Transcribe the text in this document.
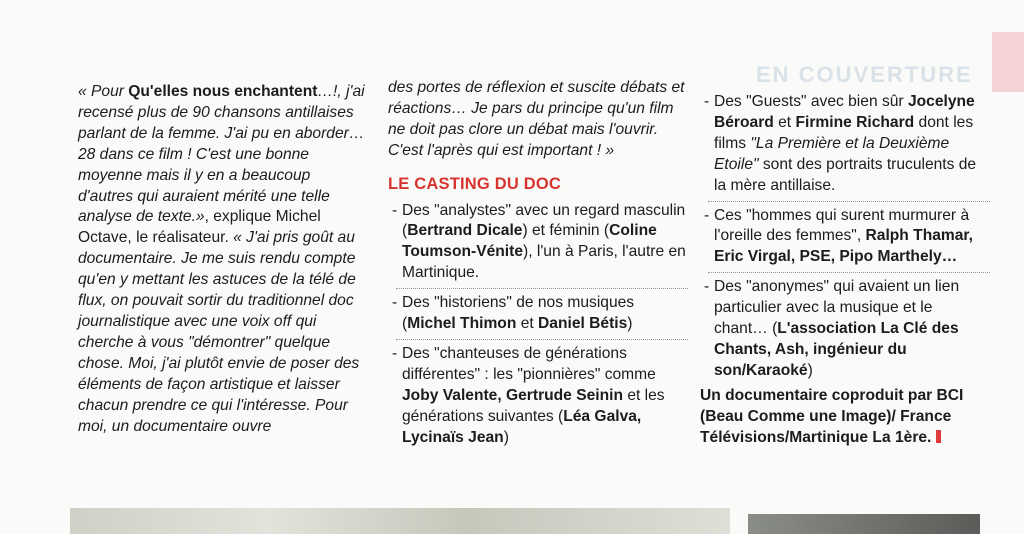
EN COUVERTURE

« Pour Qu'elles nous enchantent…!, j'ai recensé plus de 90 chansons antillaises parlant de la femme. J'ai pu en aborder… 28 dans ce film ! C'est une bonne moyenne mais il y en a beaucoup d'autres qui auraient mérité une telle analyse de texte.», explique Michel Octave, le réalisateur. « J'ai pris goût au documentaire. Je me suis rendu compte qu'en y mettant les astuces de la télé de flux, on pouvait sortir du traditionnel doc journalistique avec une voix off qui cherche à vous "démontrer" quelque chose. Moi, j'ai plutôt envie de poser des éléments de façon artistique et laisser chacun prendre ce qui l'intéresse. Pour moi, un documentaire ouvre

des portes de réflexion et suscite débats et réactions… Je pars du principe qu'un film ne doit pas clore un débat mais l'ouvrir. C'est l'après qui est important ! »

LE CASTING DU DOC

- Des "analystes" avec un regard masculin (Bertrand Dicale) et féminin (Coline Toumson-Vénite), l'un à Paris, l'autre en Martinique.

- Des "historiens" de nos musiques (Michel Thimon et Daniel Bétis)

- Des "chanteuses de générations différentes" : les "pionnières" comme Joby Valente, Gertrude Seinin et les générations suivantes (Léa Galva, Lycinaïs Jean)

- Des "Guests" avec bien sûr Jocelyne Béroard et Firmine Richard dont les films "La Première et la Deuxième Etoile" sont des portraits truculents de la mère antillaise.

- Ces "hommes qui surent murmurer à l'oreille des femmes", Ralph Thamar, Eric Virgal, PSE, Pipo Marthely…

- Des "anonymes" qui avaient un lien particulier avec la musique et le chant… (L'association La Clé des Chants, Ash, ingénieur du son/Karaoké)

Un documentaire coproduit par BCI (Beau Comme une Image)/ France Télévisions/Martinique La 1ère.
